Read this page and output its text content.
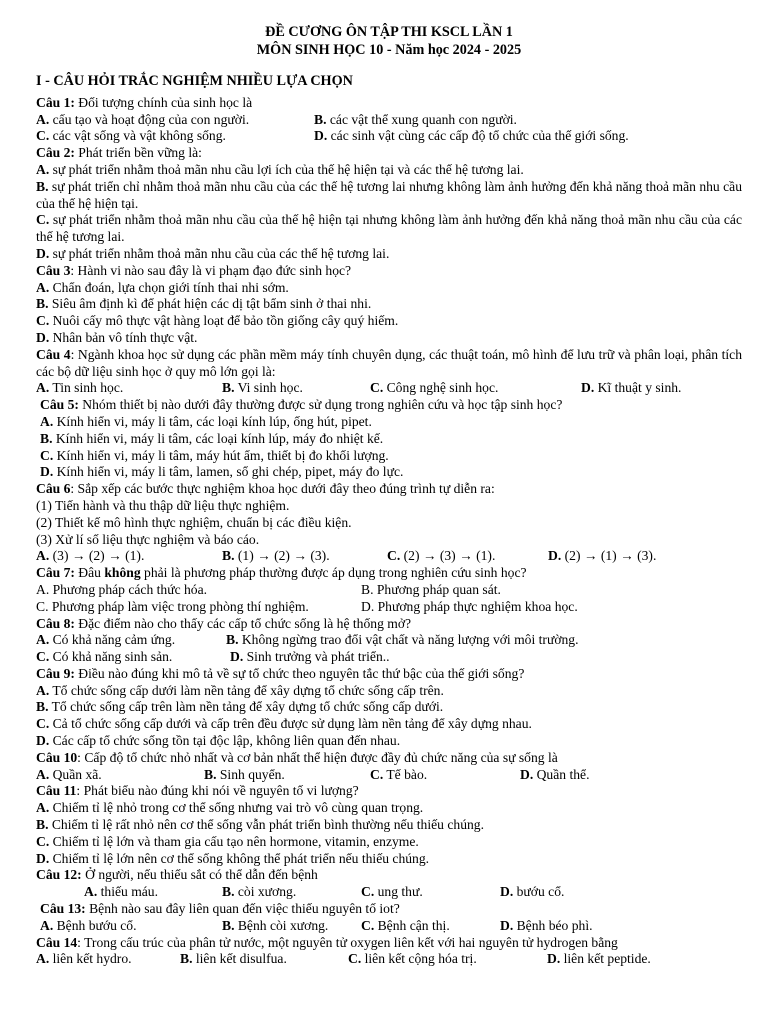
ĐỀ CƯƠNG ÔN TẬP THI KSCL LẦN 1
MÔN SINH HỌC 10 - Năm học 2024 - 2025
I - CÂU HỎI TRẮC NGHIỆM NHIỀU LỰA CHỌN
Câu 1: Đối tượng chính của sinh học là
A. cấu tạo và hoạt động của con người.	B. các vật thể xung quanh con người.
C. các vật sống và vật không sống.	D. các sinh vật cùng các cấp độ tổ chức của thế giới sống.
Câu 2: Phát triển bền vững là:
A. sự phát triển nhằm thoả mãn nhu cầu lợi ích của thế hệ hiện tại và các thế hệ tương lai.
B. sự phát triển chỉ nhằm thoả mãn nhu cầu của các thế hệ tương lai nhưng không làm ảnh hưởng đến khả năng thoả mãn nhu cầu của thế hệ hiện tại.
C. sự phát triển nhằm thoả mãn nhu cầu của thế hệ hiện tại nhưng không làm ảnh hưởng đến khả năng thoả mãn nhu cầu của các thế hệ tương lai.
D. sự phát triển nhằm thoả mãn nhu cầu của các thế hệ tương lai.
Câu 3: Hành vi nào sau đây là vi phạm đạo đức sinh học?
A. Chẩn đoán, lựa chọn giới tính thai nhi sớm.
B. Siêu âm định kì để phát hiện các dị tật bẩm sinh ở thai nhi.
C. Nuôi cấy mô thực vật hàng loạt để bảo tồn giống cây quý hiếm.
D. Nhân bản vô tính thực vật.
Câu 4: Ngành khoa học sử dụng các phần mềm máy tính chuyên dụng, các thuật toán, mô hình để lưu trữ và phân loại, phân tích các bộ dữ liệu sinh học ở quy mô lớn gọi là:
A. Tin sinh học.	B. Vi sinh học.	C. Công nghệ sinh học.	D. Kĩ thuật y sinh.
Câu 5: Nhóm thiết bị nào dưới đây thường được sử dụng trong nghiên cứu và học tập sinh học?
A. Kính hiển vi, máy li tâm, các loại kính lúp, ống hút, pipet.
B. Kính hiển vi, máy li tâm, các loại kính lúp, máy đo nhiệt kế.
C. Kính hiển vi, máy li tâm, máy hút ẩm, thiết bị đo khối lượng.
D. Kính hiển vi, máy li tâm, lamen, sổ ghi chép, pipet, máy đo lực.
Câu 6: Sắp xếp các bước thực nghiệm khoa học dưới đây theo đúng trình tự diễn ra:
(1) Tiến hành và thu thập dữ liệu thực nghiệm.
(2) Thiết kế mô hình thực nghiệm, chuẩn bị các điều kiện.
(3) Xử lí số liệu thực nghiệm và báo cáo.
A. (3) → (2) → (1).	B. (1) → (2) → (3).	C. (2) → (3) → (1).	D. (2) → (1) → (3).
Câu 7: Đâu không phải là phương pháp thường được áp dụng trong nghiên cứu sinh học?
A. Phương pháp cách thức hóa.	B. Phương pháp quan sát.
C. Phương pháp làm việc trong phòng thí nghiệm.	D. Phương pháp thực nghiệm khoa học.
Câu 8: Đặc điểm nào cho thấy các cấp tổ chức sống là hệ thống mở?
A. Có khả năng cảm ứng.	B. Không ngừng trao đổi vật chất và năng lượng với môi trường.
C. Có khả năng sinh sản.	D. Sinh trưởng và phát triển..
Câu 9: Điều nào đúng khi mô tả về sự tổ chức theo nguyên tắc thứ bậc của thế giới sống?
A. Tổ chức sống cấp dưới làm nền tảng để xây dựng tổ chức sống cấp trên.
B. Tổ chức sống cấp trên làm nền tảng để xây dựng tổ chức sống cấp dưới.
C. Cả tổ chức sống cấp dưới và cấp trên đều được sử dụng làm nền tảng để xây dựng nhau.
D. Các cấp tổ chức sống tồn tại độc lập, không liên quan đến nhau.
Câu 10: Cấp độ tổ chức nhỏ nhất và cơ bản nhất thể hiện được đầy đủ chức năng của sự sống là
A. Quần xã.	B. Sinh quyển.	C. Tế bào.	D. Quần thể.
Câu 11: Phát biểu nào đúng khi nói về nguyên tố vi lượng?
A. Chiếm tỉ lệ nhỏ trong cơ thể sống nhưng vai trò vô cùng quan trọng.
B. Chiếm tỉ lệ rất nhỏ nên cơ thể sống vẫn phát triển bình thường nếu thiếu chúng.
C. Chiếm tỉ lệ lớn và tham gia cấu tạo nên hormone, vitamin, enzyme.
D. Chiếm tỉ lệ lớn nên cơ thể sống không thể phát triển nếu thiếu chúng.
Câu 12: Ở người, nếu thiếu sắt có thể dẫn đến bệnh
A. thiếu máu.	B. còi xương.	C. ung thư.	D. bướu cổ.
Câu 13: Bệnh nào sau đây liên quan đến việc thiếu nguyên tố iot?
A. Bệnh bướu cổ.	B. Bệnh còi xương.	C. Bệnh cận thị.	D. Bệnh béo phì.
Câu 14: Trong cấu trúc của phân tử nước, một nguyên tử oxygen liên kết với hai nguyên tử hydrogen bằng
A. liên kết hydro.	B. liên kết disulfua.	C. liên kết cộng hóa trị.	D. liên kết peptide.
